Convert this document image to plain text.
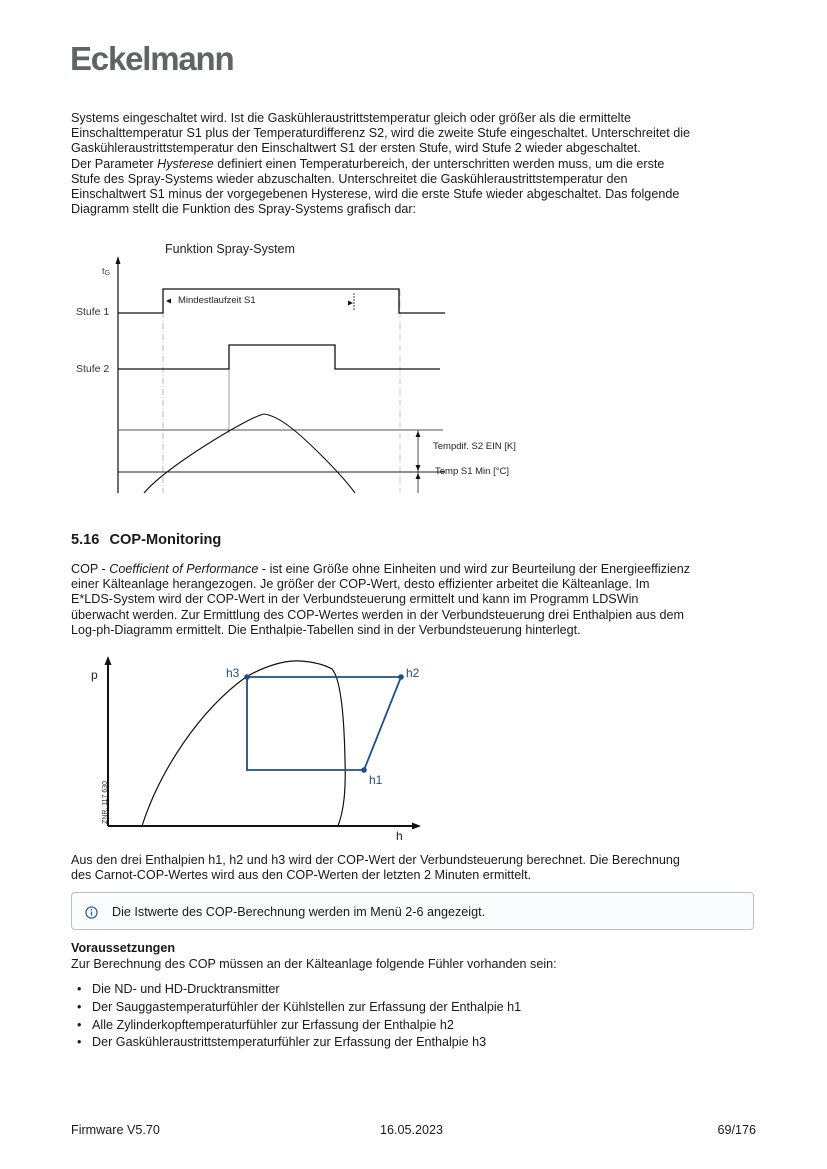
Eckelmann
Systems eingeschaltet wird. Ist die Gaskühleraustrittstemperatur gleich oder größer als die ermittelte
Einschalttemperatur S1 plus der Temperaturdifferenz S2, wird die zweite Stufe eingeschaltet. Unterschreitet die
Gaskühleraustrittstemperatur den Einschaltwert S1 der ersten Stufe, wird Stufe 2 wieder abgeschaltet.
Der Parameter Hysterese definiert einen Temperaturbereich, der unterschritten werden muss, um die erste
Stufe des Spray-Systems wieder abzuschalten. Unterschreitet die Gaskühleraustrittstemperatur den
Einschaltwert S1 minus der vorgegebenen Hysterese, wird die erste Stufe wieder abgeschaltet. Das folgende
Diagramm stellt die Funktion des Spray-Systems grafisch dar:
Funktion Spray-System
tG
Stufe 1
Stufe 2
Mindestlaufzeit S1
Tempdif. S2 EIN [K]
Temp S1 Min [°C]
5.16 COP-Monitoring
COP - Coefficient of Performance - ist eine Größe ohne Einheiten und wird zur Beurteilung der Energieeffizienz
einer Kälteanlage herangezogen. Je größer der COP-Wert, desto effizienter arbeitet die Kälteanlage. Im
E*LDS-System wird der COP-Wert in der Verbundsteuerung ermittelt und kann im Programm LDSWin
überwacht werden. Zur Ermittlung des COP-Wertes werden in der Verbundsteuerung drei Enthalpien aus dem
Log-ph-Diagramm ermittelt. Die Enthalpie-Tabellen sind in der Verbundsteuerung hinterlegt.
p
h
ZNR. 117 630
h3	h2
h1
Aus den drei Enthalpien h1, h2 und h3 wird der COP-Wert der Verbundsteuerung berechnet. Die Berechnung
des Carnot-COP-Wertes wird aus den COP-Werten der letzten 2 Minuten ermittelt.
Die Istwerte des COP-Berechnung werden im Menü 2-6 angezeigt.
Voraussetzungen
Zur Berechnung des COP müssen an der Kälteanlage folgende Fühler vorhanden sein:
• Die ND- und HD-Drucktransmitter
• Der Sauggastemperaturfühler der Kühlstellen zur Erfassung der Enthalpie h1
• Alle Zylinderkopftemperaturfühler zur Erfassung der Enthalpie h2
• Der Gaskühleraustrittstemperaturfühler zur Erfassung der Enthalpie h3
Firmware V5.70	16.05.2023	69/176
